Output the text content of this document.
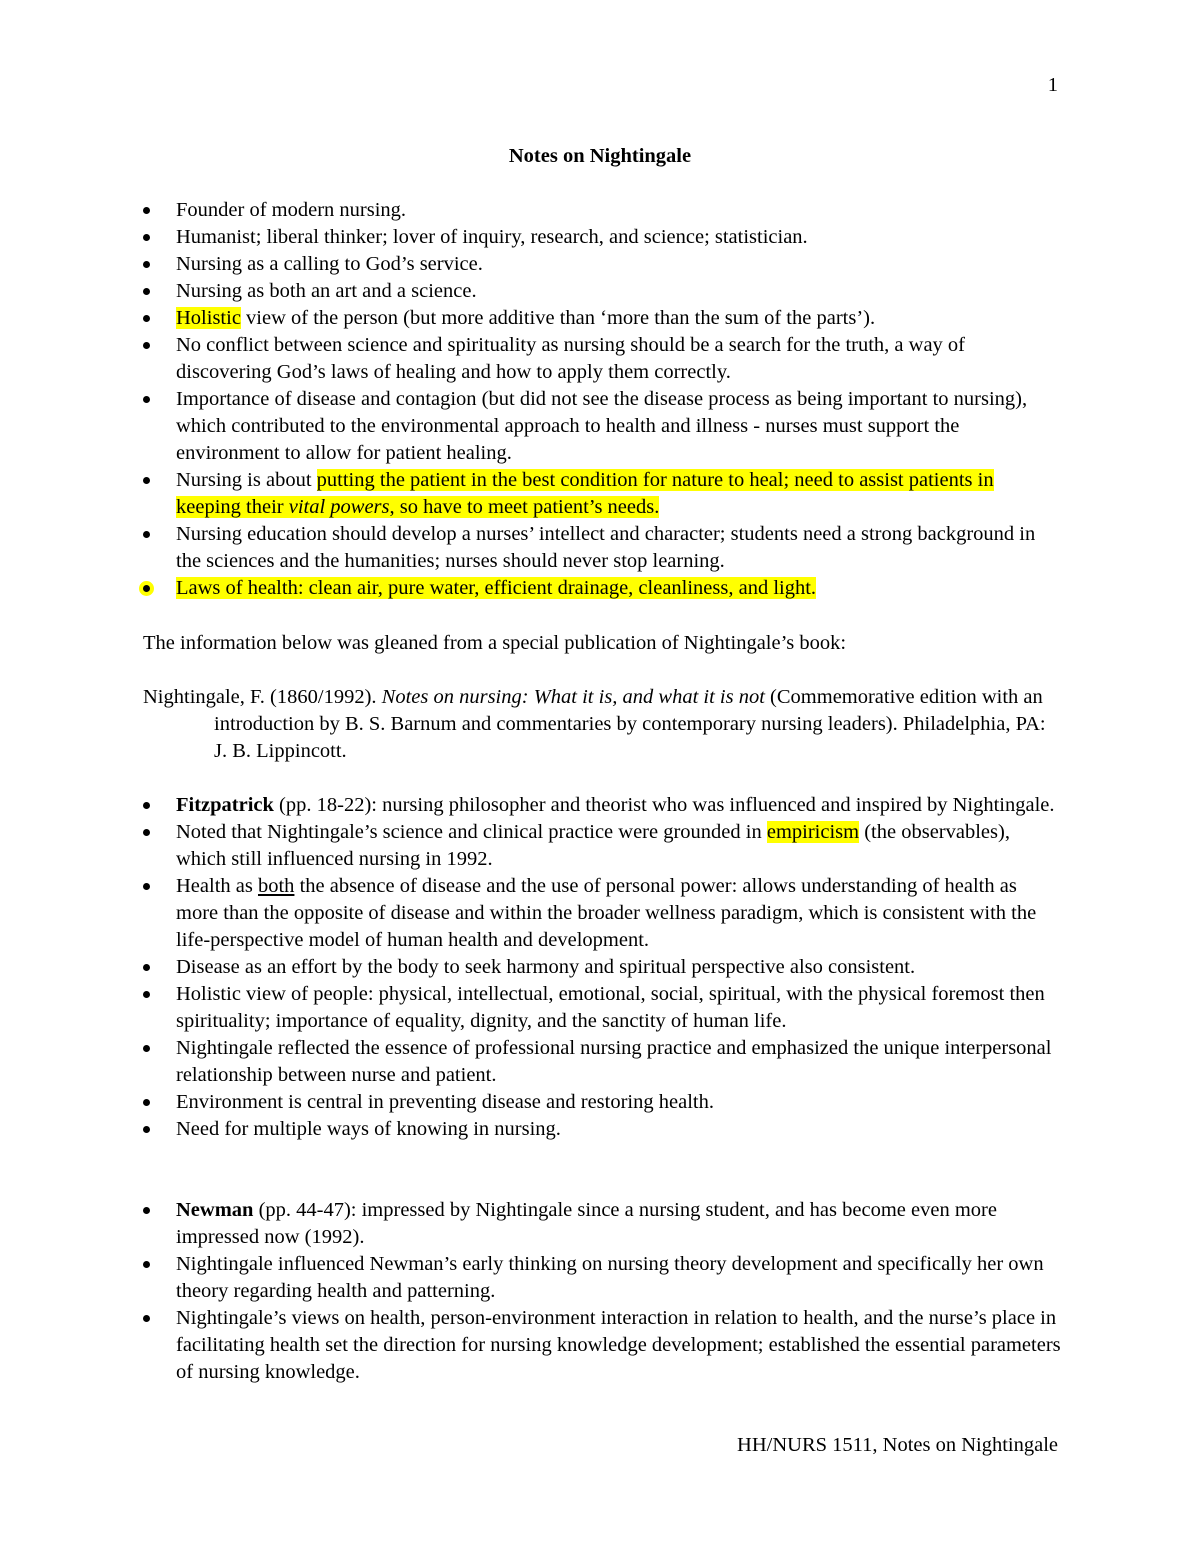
1
Notes on Nightingale
Founder of modern nursing.
Humanist; liberal thinker; lover of inquiry, research, and science; statistician.
Nursing as a calling to God’s service.
Nursing as both an art and a science.
Holistic view of the person (but more additive than ‘more than the sum of the parts’).
No conflict between science and spirituality as nursing should be a search for the truth, a way of discovering God’s laws of healing and how to apply them correctly.
Importance of disease and contagion (but did not see the disease process as being important to nursing), which contributed to the environmental approach to health and illness - nurses must support the environment to allow for patient healing.
Nursing is about putting the patient in the best condition for nature to heal; need to assist patients in keeping their vital powers, so have to meet patient’s needs.
Nursing education should develop a nurses’ intellect and character; students need a strong background in the sciences and the humanities; nurses should never stop learning.
Laws of health: clean air, pure water, efficient drainage, cleanliness, and light.

The information below was gleaned from a special publication of Nightingale’s book:

Nightingale, F. (1860/1992). Notes on nursing: What it is, and what it is not (Commemorative edition with an introduction by B. S. Barnum and commentaries by contemporary nursing leaders). Philadelphia, PA: J. B. Lippincott.

Fitzpatrick (pp. 18-22): nursing philosopher and theorist who was influenced and inspired by Nightingale.
Noted that Nightingale’s science and clinical practice were grounded in empiricism (the observables), which still influenced nursing in 1992.
Health as both the absence of disease and the use of personal power: allows understanding of health as more than the opposite of disease and within the broader wellness paradigm, which is consistent with the life-perspective model of human health and development.
Disease as an effort by the body to seek harmony and spiritual perspective also consistent.
Holistic view of people: physical, intellectual, emotional, social, spiritual, with the physical foremost then spirituality; importance of equality, dignity, and the sanctity of human life.
Nightingale reflected the essence of professional nursing practice and emphasized the unique interpersonal relationship between nurse and patient.
Environment is central in preventing disease and restoring health.
Need for multiple ways of knowing in nursing.
Newman (pp. 44-47): impressed by Nightingale since a nursing student, and has become even more impressed now (1992).
Nightingale influenced Newman’s early thinking on nursing theory development and specifically her own theory regarding health and patterning.
Nightingale’s views on health, person-environment interaction in relation to health, and the nurse’s place in facilitating health set the direction for nursing knowledge development; established the essential parameters of nursing knowledge.
HH/NURS 1511, Notes on Nightingale
